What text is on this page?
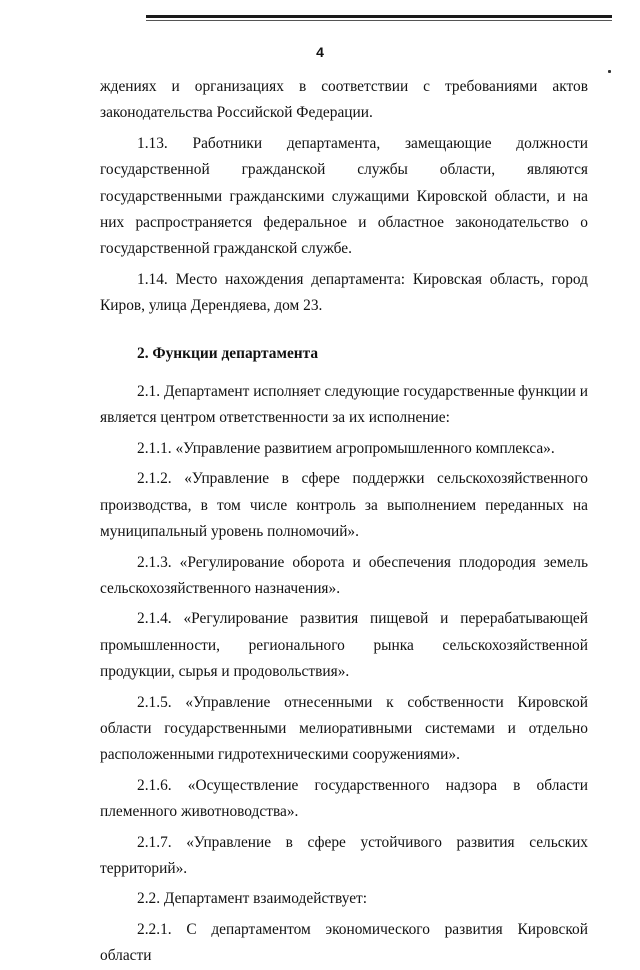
4

ждениях и организациях в соответствии с требованиями актов законодательства Российской Федерации.

1.13. Работники департамента, замещающие должности государственной гражданской службы области, являются государственными гражданскими служащими Кировской области, и на них распространяется федеральное и областное законодательство о государственной гражданской службе.

1.14. Место нахождения департамента: Кировская область, город Киров, улица Дерендяева, дом 23.

2. Функции департамента

2.1. Департамент исполняет следующие государственные функции и является центром ответственности за их исполнение:

2.1.1. «Управление развитием агропромышленного комплекса».

2.1.2. «Управление в сфере поддержки сельскохозяйственного производства, в том числе контроль за выполнением переданных на муниципальный уровень полномочий».

2.1.3. «Регулирование оборота и обеспечения плодородия земель сельскохозяйственного назначения».

2.1.4. «Регулирование развития пищевой и перерабатывающей промышленности, регионального рынка сельскохозяйственной продукции, сырья и продовольствия».

2.1.5. «Управление отнесенными к собственности Кировской области государственными мелиоративными системами и отдельно расположенными гидротехническими сооружениями».

2.1.6. «Осуществление государственного надзора в области племенного животноводства».

2.1.7. «Управление в сфере устойчивого развития сельских территорий».

2.2. Департамент взаимодействует:

2.2.1. С департаментом экономического развития Кировской области
